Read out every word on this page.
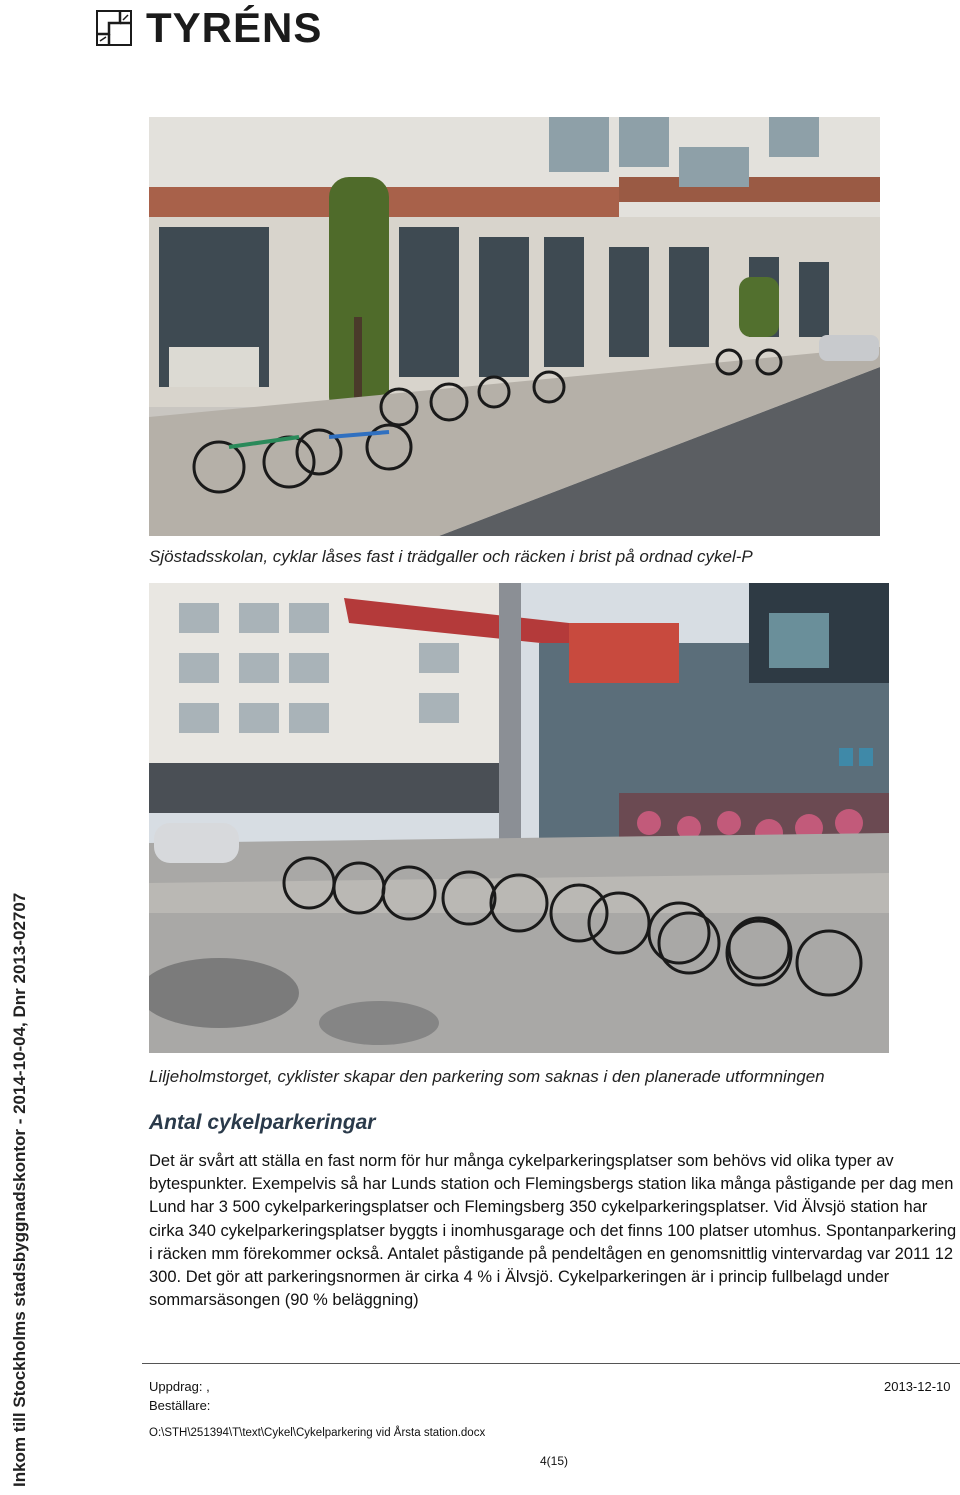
TYRÉNS
Inkom till Stockholms stadsbyggnadskontor - 2014-10-04, Dnr 2013-02707
Sjöstadsskolan, cyklar låses fast i trädgaller och räcken i brist på ordnad cykel-P
Liljeholmstorget, cyklister skapar den parkering som saknas i den planerade utformningen
Antal cykelparkeringar
Det är svårt att ställa en fast norm för hur många cykelparkeringsplatser som behövs vid olika typer av bytespunkter. Exempelvis så har Lunds station och Flemingsbergs station lika många påstigande per dag men Lund har 3 500 cykelparkeringsplatser och Flemingsberg 350 cykelparkeringsplatser. Vid Älvsjö station har cirka 340 cykelparkeringsplatser byggts i inomhusgarage och det finns 100 platser utomhus. Spontanparkering i räcken mm förekommer också. Antalet påstigande på pendeltågen en genomsnittlig vintervardag var 2011 12 300. Det gör att parkeringsnormen är cirka 4 % i Älvsjö. Cykelparkeringen är i princip fullbelagd under sommarsäsongen (90 % beläggning)
Uppdrag: ,
Beställare:
2013-12-10
O:\STH\251394\T\text\Cykel\Cykelparkering vid Årsta station.docx
4(15)
